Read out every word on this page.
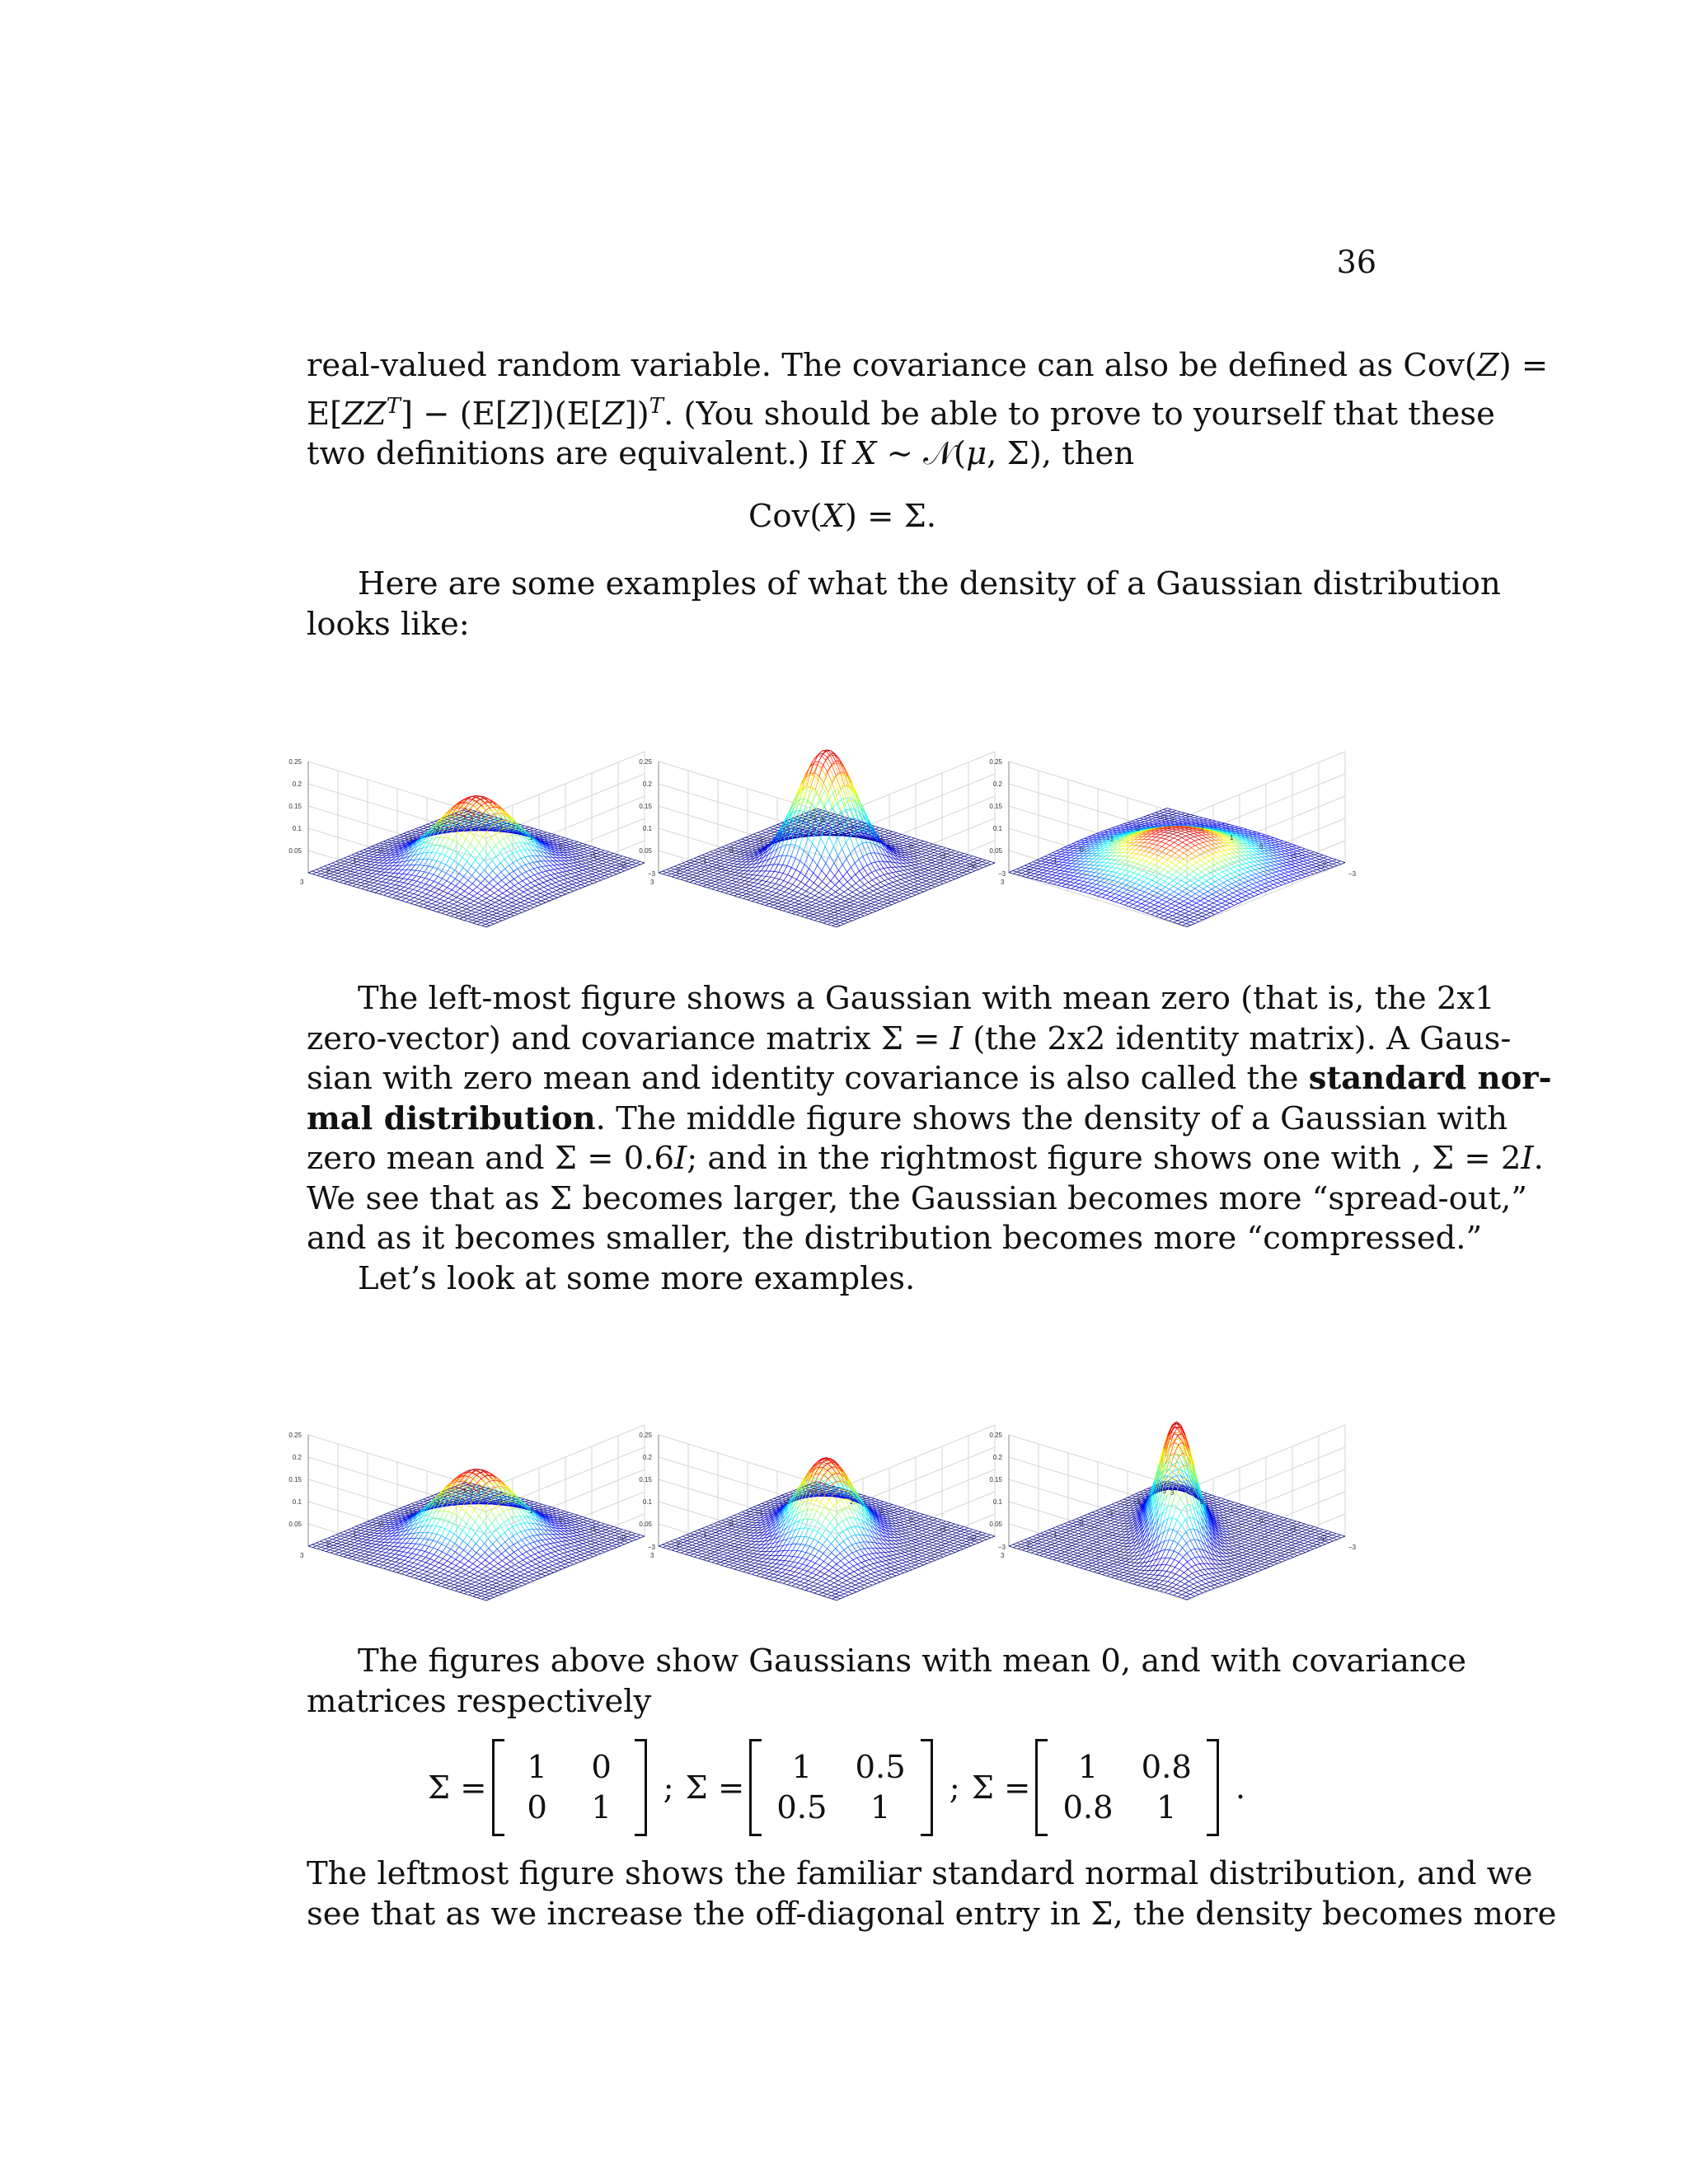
36
real-valued random variable. The covariance can also be defined as Cov(Z) =
$E[ZZ^T] - (E[Z])(E[Z])^T$. (You should be able to prove to yourself that these
two definitions are equivalent.) If X ∼ 𝒩(μ, Σ), then
Cov(X) = Σ.
Here are some examples of what the density of a Gaussian distribution
looks like:
0.25
0.2
0.15
0.1
0.05
3
3
2
2
1
1
0	0
−1
−1
−2
−2
−3
−3
0.25
0.2
0.15
0.1
0.05
3
3
2
2
1
1
0	0
−1
−1
−2
−2
−3
−3
0.25
0.2
0.15
0.1
0.05
3
3
2
2
1
1
0	0
−1
−1
−2
−2
−3
−3
0.25
0.2
0.15
0.1
0.05
3
3
2
2
1
1
0	0
−1
−1
−2
−2
−3
−3
0.25
0.2
0.15
0.1
0.05
3
3
2
2
1
1
0	0
−1
−1
−2
−2
−3
−3
0.25
0.2
0.15
0.1
0.05
3
3
2
2
1
1
0	0
−1
−1
−2
−2
−3
−3
The left-most figure shows a Gaussian with mean zero (that is, the 2x1
zero-vector) and covariance matrix Σ = I (the 2x2 identity matrix). A Gaus-
sian with zero mean and identity covariance is also called the standard nor-
mal distribution. The middle figure shows the density of a Gaussian with
zero mean and Σ = 0.6I; and in the rightmost figure shows one with , Σ = 2I.
We see that as Σ becomes larger, the Gaussian becomes more “spread-out,”
and as it becomes smaller, the distribution becomes more “compressed.”
Let’s look at some more examples.
The figures above show Gaussians with mean 0, and with covariance
matrices respectively
Σ =
1 0
0 1
; Σ =
1	0.5
0.5	1
; Σ =
1	0.8
0.8	1
.
The leftmost figure shows the familiar standard normal distribution, and we
see that as we increase the off-diagonal entry in Σ, the density becomes more
